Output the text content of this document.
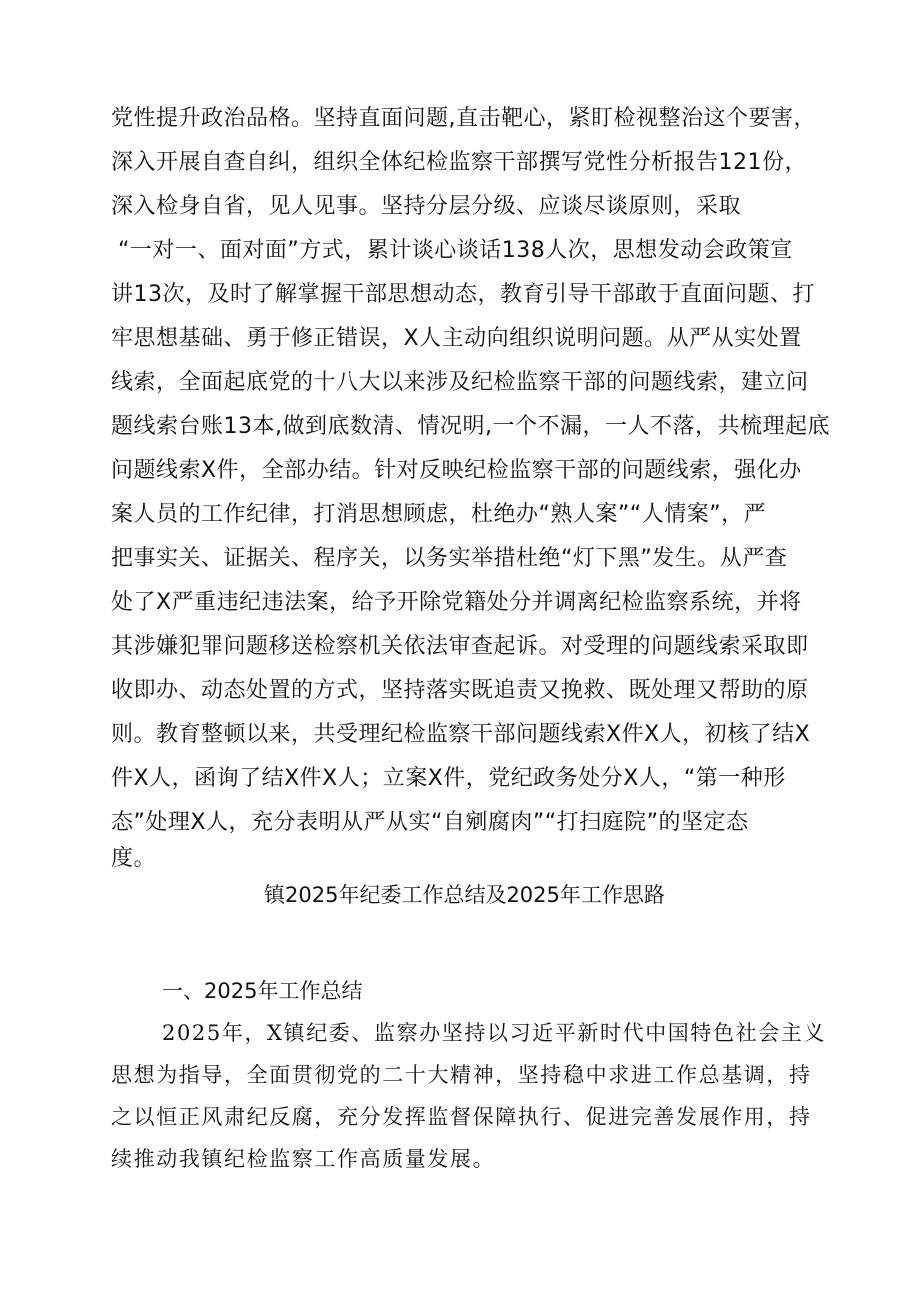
党性提升政治品格。坚持直面问题,直击靶心，紧盯检视整治这个要害，
深入开展自查自纠，组织全体纪检监察干部撰写党性分析报告121份，
深入检身自省，见人见事。坚持分层分级、应谈尽谈原则，采取
“一对一、面对面”方式，累计谈心谈话138人次，思想发动会政策宣
讲13次，及时了解掌握干部思想动态，教育引导干部敢于直面问题、打
牢思想基础、勇于修正错误，X人主动向组织说明问题。从严从实处置
线索，全面起底党的十八大以来涉及纪检监察干部的问题线索，建立问
题线索台账13本,做到底数清、情况明,一个不漏，一人不落，共梳理起底
问题线索X件，全部办结。针对反映纪检监察干部的问题线索，强化办
案人员的工作纪律，打消思想顾虑，杜绝办“熟人案”“人情案”，严
把事实关、证据关、程序关，以务实举措杜绝“灯下黑”发生。从严查
处了X严重违纪违法案，给予开除党籍处分并调离纪检监察系统，并将
其涉嫌犯罪问题移送检察机关依法审查起诉。对受理的问题线索采取即
收即办、动态处置的方式，坚持落实既追责又挽救、既处理又帮助的原
则。教育整顿以来，共受理纪检监察干部问题线索X件X人，初核了结X
件X人，函询了结X件X人；立案X件，党纪政务处分X人，“第一种形
态”处理X人，充分表明从严从实“自剜腐肉”“打扫庭院”的坚定态
度。
镇2025年纪委工作总结及2025年工作思路
一、2025年工作总结
2025年，X镇纪委、监察办坚持以习近平新时代中国特色社会主义
思想为指导，全面贯彻党的二十大精神，坚持稳中求进工作总基调，持
之以恒正风肃纪反腐，充分发挥监督保障执行、促进完善发展作用，持
续推动我镇纪检监察工作高质量发展。
